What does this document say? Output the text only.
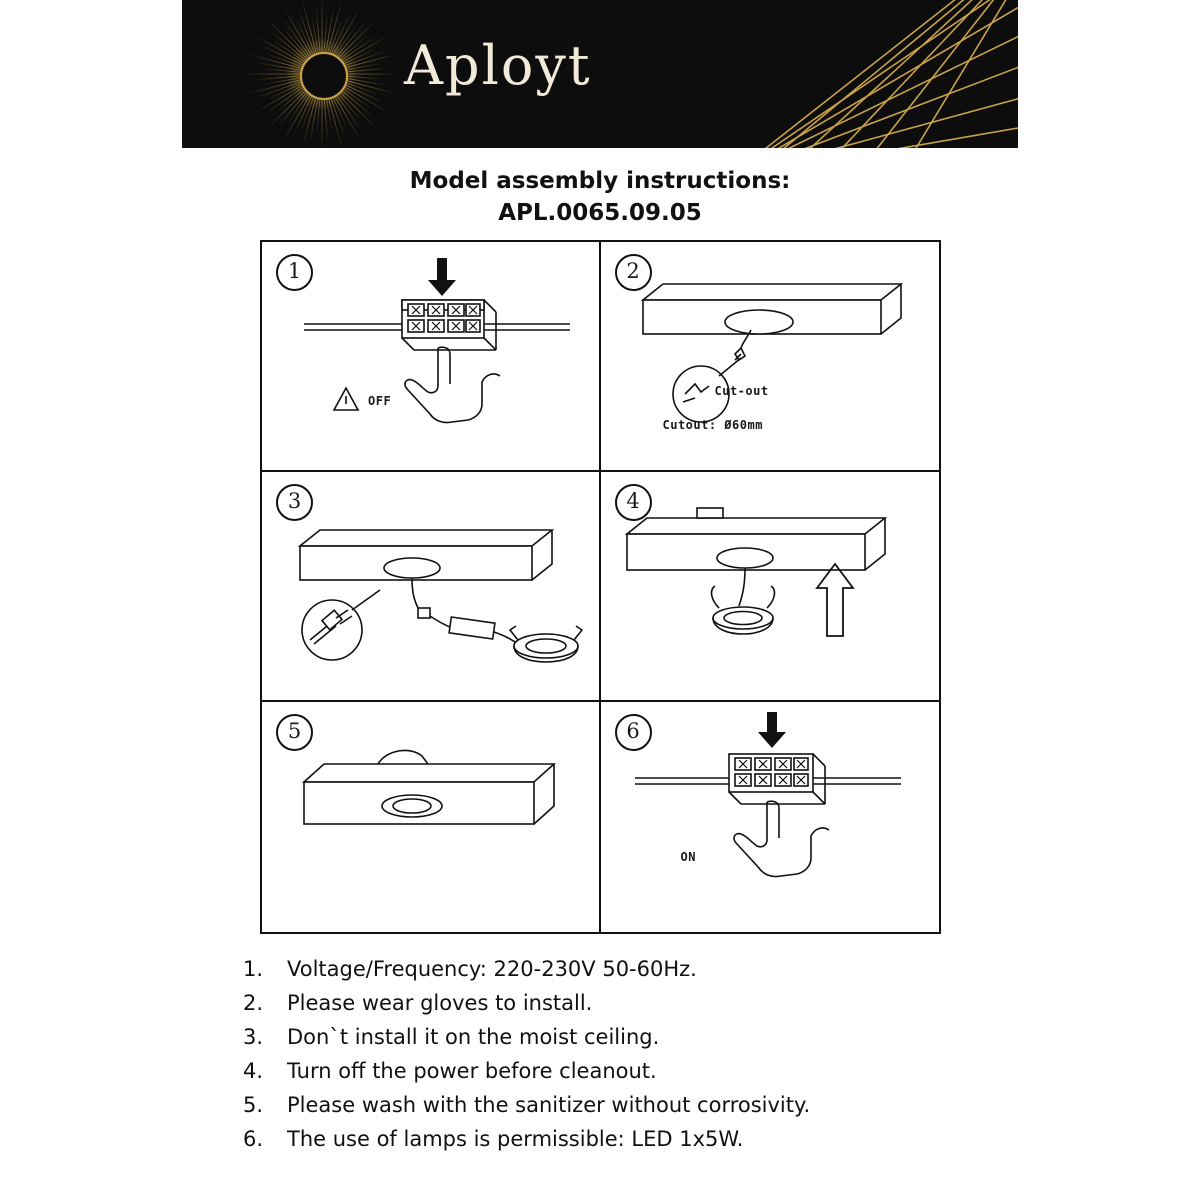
Aployt
Model assembly instructions:
APL.0065.09.05
1
OFF
2
Cut-out
Cutout: Ø60mm
3	4
5	6
ON
1.	Voltage/Frequency: 220-230V 50-60Hz.
2.	Please wear gloves to install.
3.	Don`t install it on the moist ceiling.
4.	Turn off the power before cleanout.
5.	Please wash with the sanitizer without corrosivity.
6.	The use of lamps is permissible: LED 1x5W.
